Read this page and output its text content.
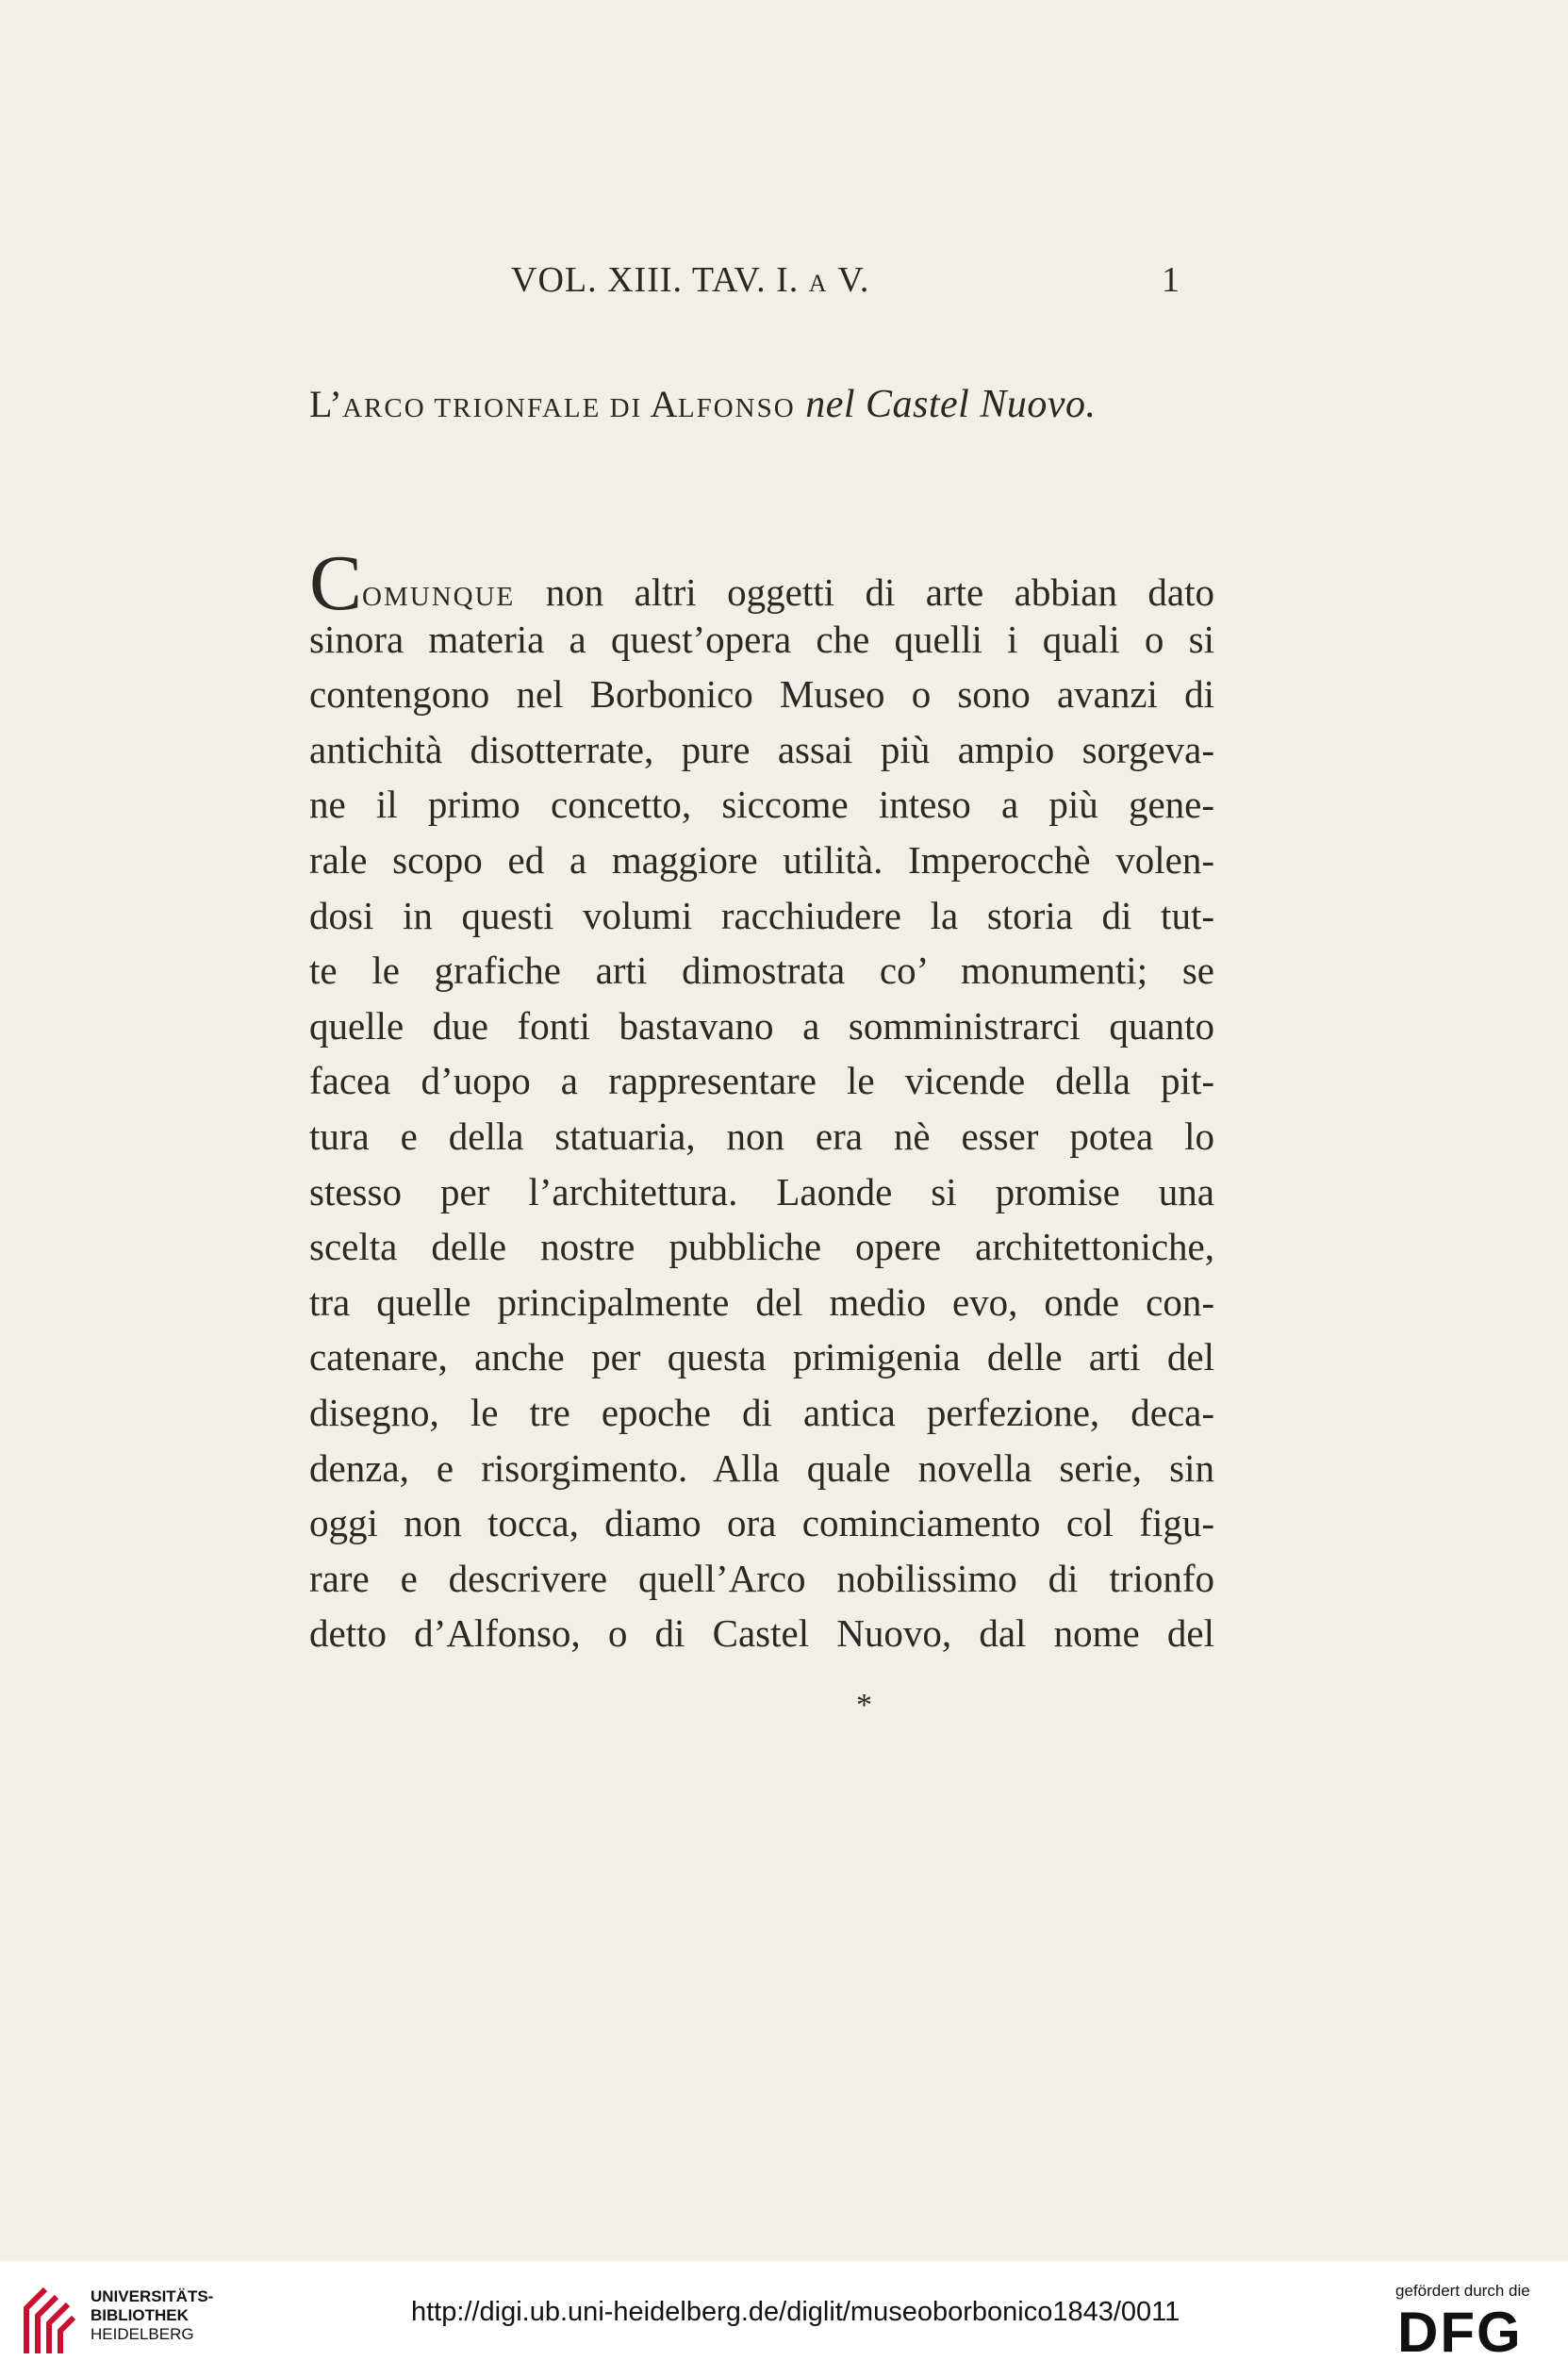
VOL. XIII. TAV. I. A V.	1
L’ARCO TRIONFALE DI ALFONSO nel Castel Nuovo.
COMUNQUE non altri oggetti di arte abbian dato
sinora materia a quest’opera che quelli i quali o si
contengono nel Borbonico Museo o sono avanzi di
antichità disotterrate, pure assai più ampio sorgeva-
ne il primo concetto, siccome inteso a più gene-
rale scopo ed a maggiore utilità. Imperocchè volen-
dosi in questi volumi racchiudere la storia di tut-
te le grafiche arti dimostrata co’ monumenti; se
quelle due fonti bastavano a somministrarci quanto
facea d’uopo a rappresentare le vicende della pit-
tura e della statuaria, non era nè esser potea lo
stesso per l’architettura. Laonde si promise una
scelta delle nostre pubbliche opere architettoniche,
tra quelle principalmente del medio evo, onde con-
catenare, anche per questa primigenia delle arti del
disegno, le tre epoche di antica perfezione, deca-
denza, e risorgimento. Alla quale novella serie, sin
oggi non tocca, diamo ora cominciamento col figu-
rare e descrivere quell’Arco nobilissimo di trionfo
detto d’Alfonso, o di Castel Nuovo, dal nome del
*
UNIVERSITÄTS-
BIBLIOTHEK
HEIDELBERG
http://digi.ub.uni-heidelberg.de/diglit/museoborbonico1843/0011
gefördert durch die
DFG
